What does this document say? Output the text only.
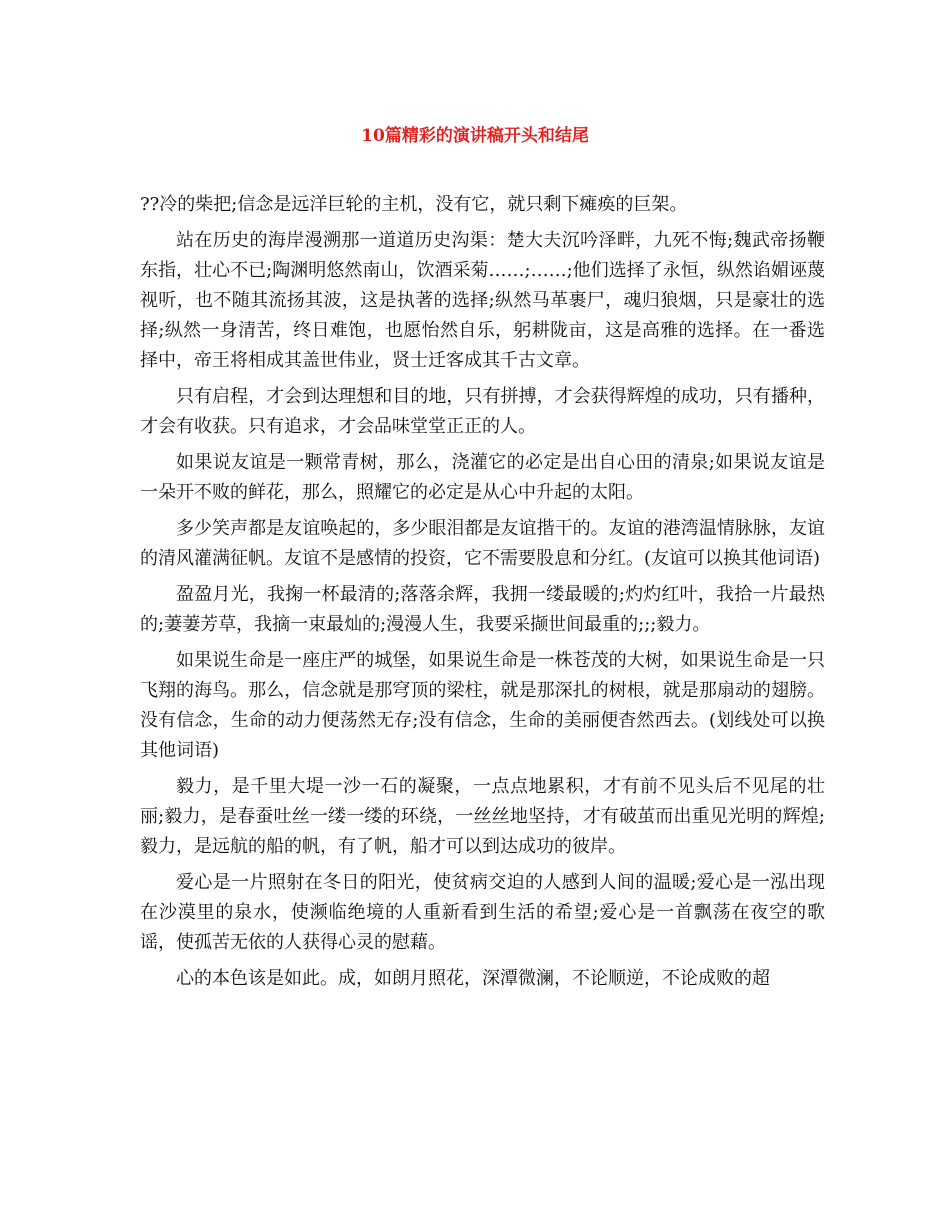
10篇精彩的演讲稿开头和结尾

??冷的柴把;信念是远洋巨轮的主机，没有它，就只剩下瘫痪的巨架。

站在历史的海岸漫溯那一道道历史沟渠：楚大夫沉吟泽畔，九死不悔;魏武帝扬鞭东指，壮心不已;陶渊明悠然南山，饮酒采菊……;……;他们选择了永恒，纵然谄媚诬蔑视听，也不随其流扬其波，这是执著的选择;纵然马革裹尸，魂归狼烟，只是豪壮的选择;纵然一身清苦，终日难饱，也愿怡然自乐，躬耕陇亩，这是高雅的选择。在一番选择中，帝王将相成其盖世伟业，贤士迁客成其千古文章。

只有启程，才会到达理想和目的地，只有拼搏，才会获得辉煌的成功，只有播种，才会有收获。只有追求，才会品味堂堂正正的人。

如果说友谊是一颗常青树，那么，浇灌它的必定是出自心田的清泉;如果说友谊是一朵开不败的鲜花，那么，照耀它的必定是从心中升起的太阳。

多少笑声都是友谊唤起的，多少眼泪都是友谊揩干的。友谊的港湾温情脉脉，友谊的清风灌满征帆。友谊不是感情的投资，它不需要股息和分红。(友谊可以换其他词语)

盈盈月光，我掬一杯最清的;落落余辉，我拥一缕最暖的;灼灼红叶，我拾一片最热的;萋萋芳草，我摘一束最灿的;漫漫人生，我要采撷世间最重的;;;毅力。

如果说生命是一座庄严的城堡，如果说生命是一株苍茂的大树，如果说生命是一只飞翔的海鸟。那么，信念就是那穹顶的梁柱，就是那深扎的树根，就是那扇动的翅膀。没有信念，生命的动力便荡然无存;没有信念，生命的美丽便杳然西去。(划线处可以换其他词语)

毅力，是千里大堤一沙一石的凝聚，一点点地累积，才有前不见头后不见尾的壮丽;毅力，是春蚕吐丝一缕一缕的环绕，一丝丝地坚持，才有破茧而出重见光明的辉煌;毅力，是远航的船的帆，有了帆，船才可以到达成功的彼岸。

爱心是一片照射在冬日的阳光，使贫病交迫的人感到人间的温暖;爱心是一泓出现在沙漠里的泉水，使濒临绝境的人重新看到生活的希望;爱心是一首飘荡在夜空的歌谣，使孤苦无依的人获得心灵的慰藉。

心的本色该是如此。成，如朗月照花，深潭微澜，不论顺逆，不论成败的超
